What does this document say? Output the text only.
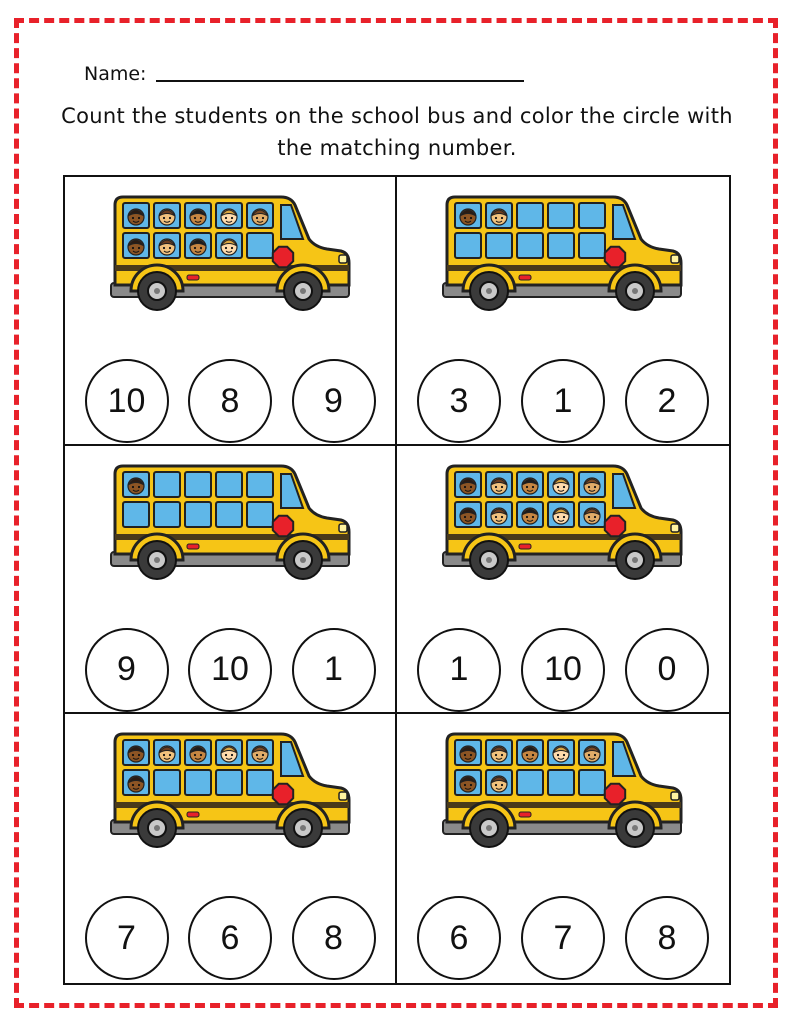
Name:
Count the students on the school bus and color the circle with the matching number.
10	8	9	3	1	2
9	10	1	1	10	0
7	6	8	6	7	8
